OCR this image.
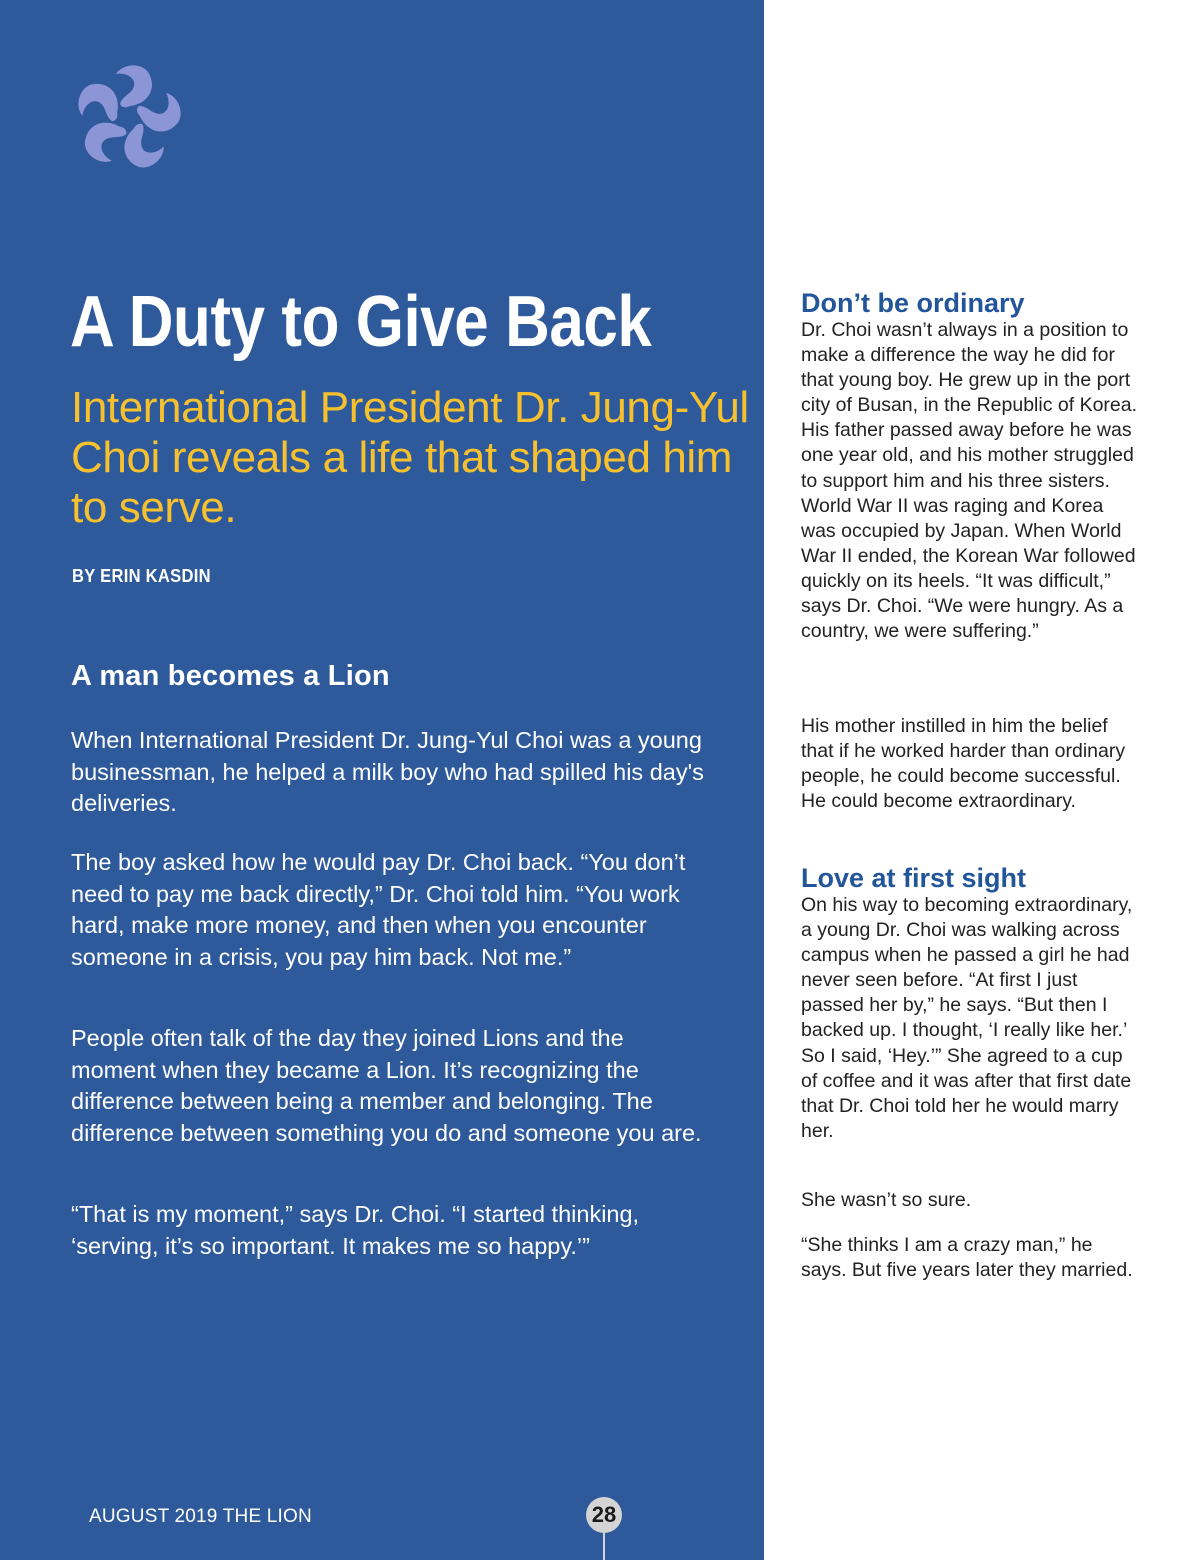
A Duty to Give Back
International President Dr. Jung-Yul Choi reveals a life that shaped him to serve.

BY ERIN KASDIN

A man becomes a Lion

When International President Dr. Jung-Yul Choi was a young businessman, he helped a milk boy who had spilled his day's deliveries.

The boy asked how he would pay Dr. Choi back. “You don’t need to pay me back directly,” Dr. Choi told him. “You work hard, make more money, and then when you encounter someone in a crisis, you pay him back. Not me.”

People often talk of the day they joined Lions and the moment when they became a Lion. It’s recognizing the difference between being a member and belonging. The difference between something you do and someone you are.

“That is my moment,” says Dr. Choi. “I started thinking, ‘serving, it’s so important. It makes me so happy.’”

AUGUST 2019 THE LION	28
Don’t be ordinary

Dr. Choi wasn’t always in a position to make a difference the way he did for that young boy. He grew up in the port city of Busan, in the Republic of Korea. His father passed away before he was one year old, and his mother struggled to support him and his three sisters. World War II was raging and Korea was occupied by Japan. When World War II ended, the Korean War followed quickly on its heels. “It was difficult,” says Dr. Choi. “We were hungry. As a country, we were suffering.”

His mother instilled in him the belief that if he worked harder than ordinary people, he could become successful. He could become extraordinary.

Love at first sight

On his way to becoming extraordinary, a young Dr. Choi was walking across campus when he passed a girl he had never seen before. “At first I just passed her by,” he says. “But then I backed up. I thought, ‘I really like her.’ So I said, ‘Hey.’” She agreed to a cup of coffee and it was after that first date that Dr. Choi told her he would marry her.

She wasn’t so sure.

“She thinks I am a crazy man,” he says. But five years later they married.
